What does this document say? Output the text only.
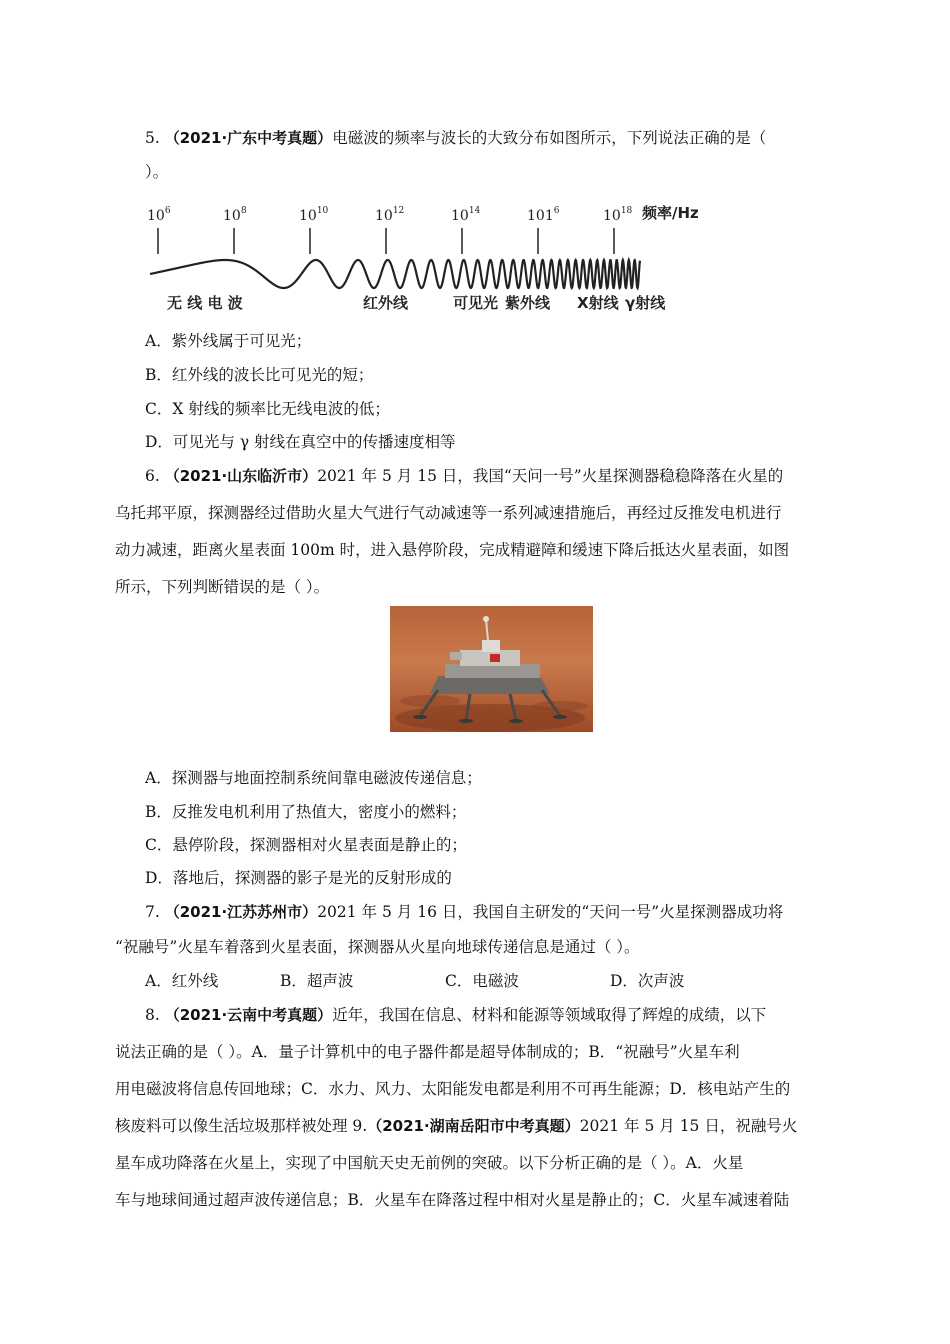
5. （2021·广东中考真题）电磁波的频率与波长的大致分布如图所示，下列说法正确的是（
）。
$10^6$	$10^8$	$10^{10}$	$10^{12}$	$10^{14}$	$101^6$	$10^{18}$ 频率/Hz
无 线 电 波	红外线	可见光 紫外线 X射线 γ射线
A．紫外线属于可见光；
B．红外线的波长比可见光的短；
C．X 射线的频率比无线电波的低；
D．可见光与 γ 射线在真空中的传播速度相等
6. （2021·山东临沂市）2021 年 5 月 15 日，我国“天问一号”火星探测器稳稳降落在火星的
乌托邦平原，探测器经过借助火星大气进行气动减速等一系列减速措施后，再经过反推发电机进行
动力减速，距离火星表面 100m 时，进入悬停阶段，完成精避障和缓速下降后抵达火星表面，如图
所示，下列判断错误的是（ ）。
A．探测器与地面控制系统间靠电磁波传递信息；
B．反推发电机利用了热值大，密度小的燃料；
C．悬停阶段，探测器相对火星表面是静止的；
D．落地后，探测器的影子是光的反射形成的
7. （2021·江苏苏州市）2021 年 5 月 16 日，我国自主研发的“天问一号”火星探测器成功将
“祝融号”火星车着落到火星表面，探测器从火星向地球传递信息是通过（ ）。
A．红外线	B．超声波	C．电磁波	D．次声波
8. （2021·云南中考真题）近年，我国在信息、材料和能源等领域取得了辉煌的成绩，以下
说法正确的是（ ）。A．量子计算机中的电子器件都是超导体制成的；B．“祝融号”火星车利
用电磁波将信息传回地球；C．水力、风力、太阳能发电都是利用不可再生能源；D．核电站产生的
核废料可以像生活垃圾那样被处理 9.（2021·湖南岳阳市中考真题）2021 年 5 月 15 日，祝融号火
星车成功降落在火星上，实现了中国航天史无前例的突破。以下分析正确的是（ ）。A．火星
车与地球间通过超声波传递信息；B．火星车在降落过程中相对火星是静止的；C．火星车减速着陆
